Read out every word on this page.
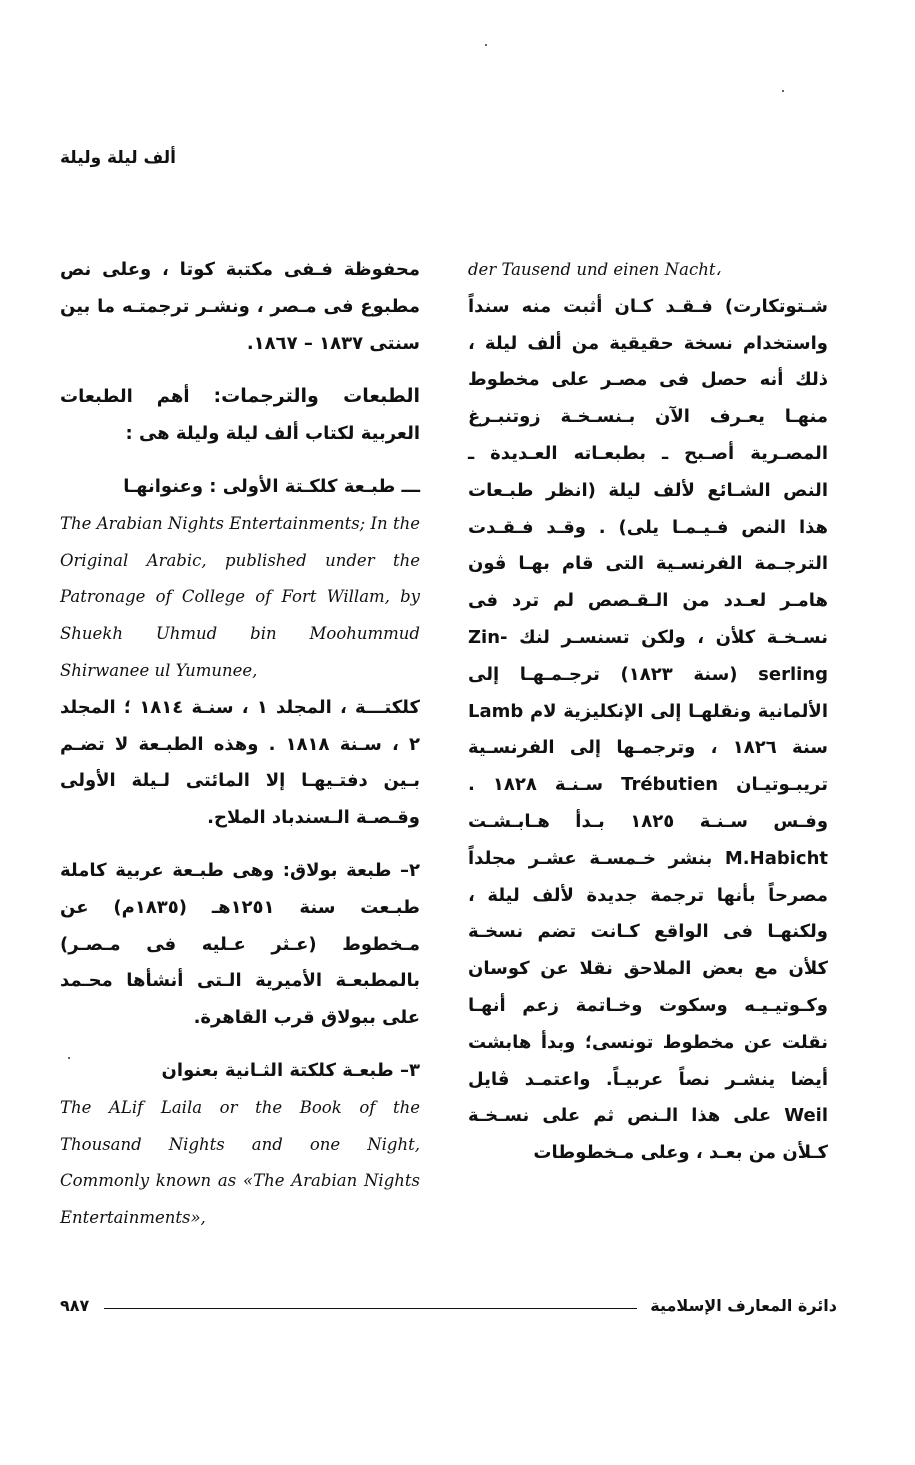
ألف ليلة وليلة

der Tausend und einen Nacht،

شـتوتكارت) فـقـد كـان أثبت منه سنداً واستخدام نسخة حقيقية من ألف ليلة ، ذلك أنه حصل فى مصـر على مخطوط منهـا يعـرف الآن بـنسـخـة زوتنبـرغ المصـرية أصـبح ـ بطبعـاته العـديدة ـ النص الشـائع لألف ليلة (انظر طبـعات هذا النص فـيـمـا يلى) . وقـد فـقـدت الترجـمة الفرنسـية التى قام بهـا ڤون هامـر لعـدد من الـقـصص لم ترد فى نسـخـة كلأن ، ولكن تسنسـر لنك Zin- serling (سنة ١٨٢٣) ترجـمـهـا إلى الألمانية ونقلهـا إلى الإنكليزية لام Lamb سنة ١٨٢٦ ، وترجمـها إلى الفرنسـية تريبـوتيـان Trébutien سـنـة ١٨٢٨ . وفـس سـنـة ١٨٢٥ بـدأ هـابـشـت M.Habicht بنشر خـمسـة عشـر مجلداً مصرحاً بأنها ترجمة جديدة لألف ليلة ، ولكنهـا فى الواقع كـانت تضم نسخـة كلأن مع بعض الملاحق نقلا عن كوسان وكـوتيـيـه وسكوت وخـاتمة زعم أنهـا نقلت عن مخطوط تونسى؛ وبدأ هابشت أيضا ينشـر نصاً عربيـاً. واعتمـد ڤايل Weil على هذا الـنص ثم على نسـخـة كـلأن من بعـد ، وعلى مـخطوطات

محفوظة فـفى مكتبة كوتا ، وعلى نص مطبوع فى مـصر ، ونشـر ترجمتـه ما بين سنتى ١٨٣٧ – ١٨٦٧.

الطبعات والترجمات: أهم الطبعات العربية لكتاب ألف ليلة وليلة هى :

ـــ طبـعة كلكـتة الأولى : وعنوانهـا

The Arabian Nights Entertainments; In the Original Arabic, published under the Patronage of College of Fort Willam, by Shuekh Uhmud bin Moohummud Shirwanee ul Yumunee,

كلكتـــة ، المجلد ١ ، سنـة ١٨١٤ ؛ المجلد ٢ ، سـنة ١٨١٨ . وهذه الطبـعة لا تضـم بـين دفتـيهـا إلا المائتى لـيلة الأولى وقـصـة الـسندباد الملاح.

٢– طبعة بولاق: وهى طبـعة عربية كاملة طبـعت سنة ١٢٥١هـ (١٨٣٥م) عن مـخطوط (عـثر عـليه فى مـصـر) بالمطبعـة الأميرية الـتى أنشأها محـمد على ببولاق قرب القاهرة.

٣– طبعـة كلكتة الثـانية بعنوان

The ALif Laila or the Book of the Thousand Nights and one Night, Commonly known as «The Arabian Nights Entertainments»,

٩٨٧	دائرة المعارف الإسلامية
